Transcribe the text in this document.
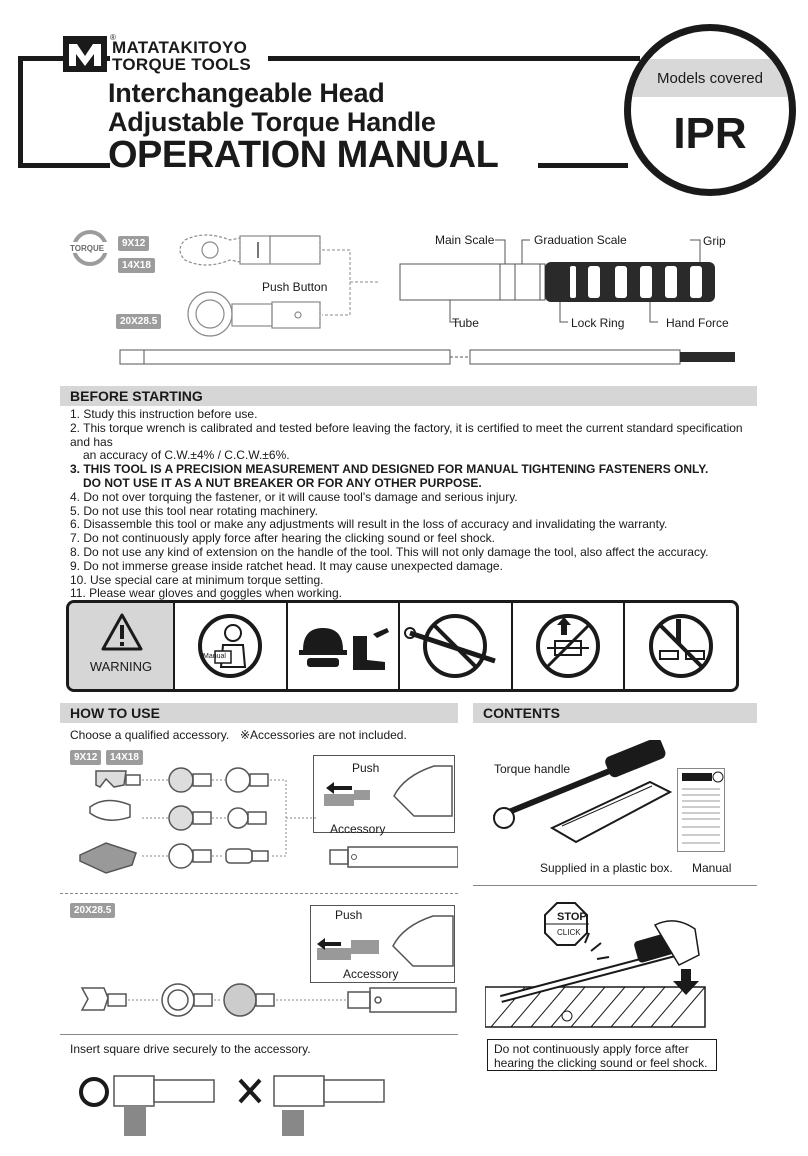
®
MATATAKITOYO
TORQUE TOOLS
Interchangeable Head
Adjustable Torque Handle
OPERATION MANUAL
Models covered
IPR
9X12
14X18
20X28.5
TORQUE
Push Button
Main Scale	Graduation Scale	Grip
Tube	Lock Ring	Hand Force
BEFORE STARTING
1. Study this instruction before use.
2. This torque wrench is calibrated and tested before leaving the factory, it is certified to meet the current standard specification and has
an accuracy of C.W.±4% / C.C.W.±6%.
3. THIS TOOL IS A PRECISION MEASUREMENT AND DESIGNED FOR MANUAL TIGHTENING FASTENERS ONLY.
DO NOT USE IT AS A NUT BREAKER OR FOR ANY OTHER PURPOSE.
4. Do not over torquing the fastener, or it will cause tool's damage and serious injury.
5. Do not use this tool near rotating machinery.
6. Disassemble this tool or make any adjustments will result in the loss of accuracy and invalidating the warranty.
7. Do not continuously apply force after hearing the clicking sound or feel shock.
8. Do not use any kind of extension on the handle of the tool. This will not only damage the tool, also affect the accuracy.
9. Do not immerse grease inside ratchet head. It may cause unexpected damage.
10. Use special care at minimum torque setting.
11. Please wear gloves and goggles when working.
WARNING
Manual
HOW TO USE
Choose a qualified accessory. ※Accessories are not included.
9X12	14X18
Push
Accessory
20X28.5	Push
Accessory
Insert square drive securely to the accessory.
CONTENTS
Torque handle
Supplied in a plastic box. Manual
STOP
CLICK
Do not continuously apply force after hearing the clicking sound or feel shock.
